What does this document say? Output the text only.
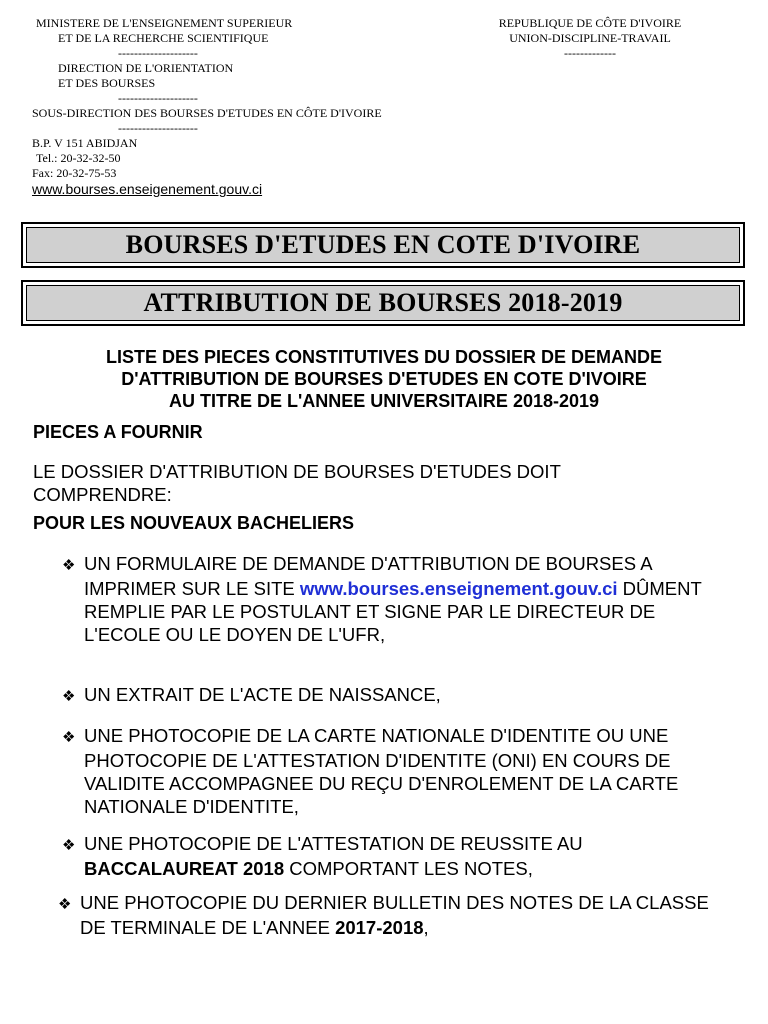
MINISTERE DE L'ENSEIGNEMENT SUPERIEUR
ET DE LA RECHERCHE SCIENTIFIQUE
--------------------
DIRECTION DE L'ORIENTATION
ET DES BOURSES
--------------------
SOUS-DIRECTION DES BOURSES D'ETUDES EN CÔTE D'IVOIRE
--------------------
B.P. V 151 ABIDJAN
Tel.: 20-32-32-50
Fax: 20-32-75-53
www.bourses.enseigenement.gouv.ci
REPUBLIQUE DE CÔTE D'IVOIRE
UNION-DISCIPLINE-TRAVAIL
-------------
BOURSES D'ETUDES EN COTE D'IVOIRE
ATTRIBUTION DE BOURSES 2018-2019
LISTE DES PIECES CONSTITUTIVES DU DOSSIER DE DEMANDE
D'ATTRIBUTION DE BOURSES D'ETUDES EN COTE D'IVOIRE
AU TITRE DE L'ANNEE UNIVERSITAIRE 2018-2019
PIECES A FOURNIR
LE DOSSIER D'ATTRIBUTION DE BOURSES D'ETUDES DOIT COMPRENDRE:
POUR LES NOUVEAUX BACHELIERS
❖ UN FORMULAIRE DE DEMANDE D'ATTRIBUTION DE BOURSES A IMPRIMER SUR LE SITE www.bourses.enseignement.gouv.ci DÛMENT REMPLIE PAR LE POSTULANT ET SIGNE PAR LE DIRECTEUR DE L'ECOLE OU LE DOYEN DE L'UFR,
❖ UN EXTRAIT DE L'ACTE DE NAISSANCE,
❖ UNE PHOTOCOPIE DE LA CARTE NATIONALE D'IDENTITE OU UNE PHOTOCOPIE DE L'ATTESTATION D'IDENTITE (ONI) EN COURS DE VALIDITE ACCOMPAGNEE DU REÇU D'ENROLEMENT DE LA CARTE NATIONALE D'IDENTITE,
❖ UNE PHOTOCOPIE DE L'ATTESTATION DE REUSSITE AU BACCALAUREAT 2018 COMPORTANT LES NOTES,
❖ UNE PHOTOCOPIE DU DERNIER BULLETIN DES NOTES DE LA CLASSE DE TERMINALE DE L'ANNEE 2017-2018,
